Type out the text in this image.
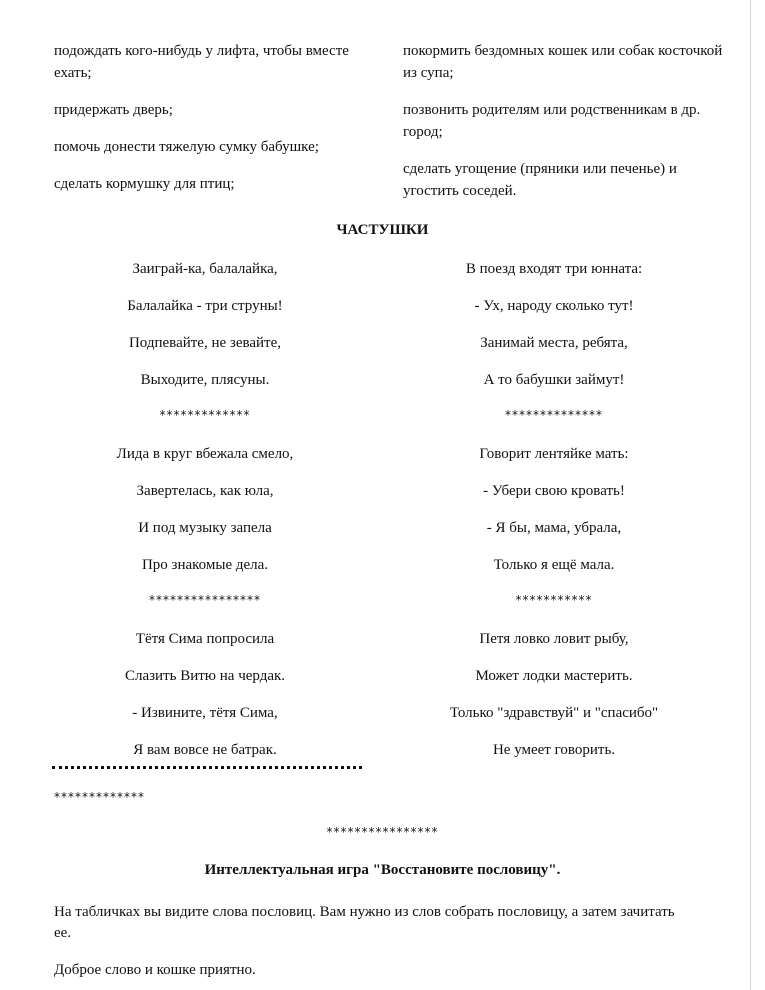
подождать кого-нибудь у лифта, чтобы вместе ехать;

придержать дверь;

помочь донести тяжелую сумку бабушке;

сделать кормушку для птиц;

покормить бездомных кошек или собак косточкой из супа;

позвонить родителям или родственникам в др. город;

сделать угощение (пряники или печенье) и угостить соседей.

ЧАСТУШКИ
Заиграй-ка, балалайка,
Балалайка - три струны!
Подпевайте, не зевайте,
Выходите, плясуны.
*************
Лида в круг вбежала смело,
Завертелась, как юла,
И под музыку запела
Про знакомые дела.
****************
Тётя Сима попросила
Слазить Витю на чердак.
- Извините, тётя Сима,
Я вам вовсе не батрак.
В поезд входят три юнната:
- Ух, народу сколько тут!
Занимай места, ребята,
А то бабушки займут!
**************
Говорит лентяйке мать:
- Убери свою кровать!
- Я бы, мама, убрала,
Только я ещё мала.
***********
Петя ловко ловит рыбу,
Может лодки мастерить.
Только "здравствуй" и "спасибо"
Не умеет говорить.
*************
****************
Интеллектуальная игра "Восстановите пословицу".
На табличках вы видите слова пословиц. Вам нужно из слов собрать пословицу, а затем зачитать ее.
Доброе слово и кошке приятно.
